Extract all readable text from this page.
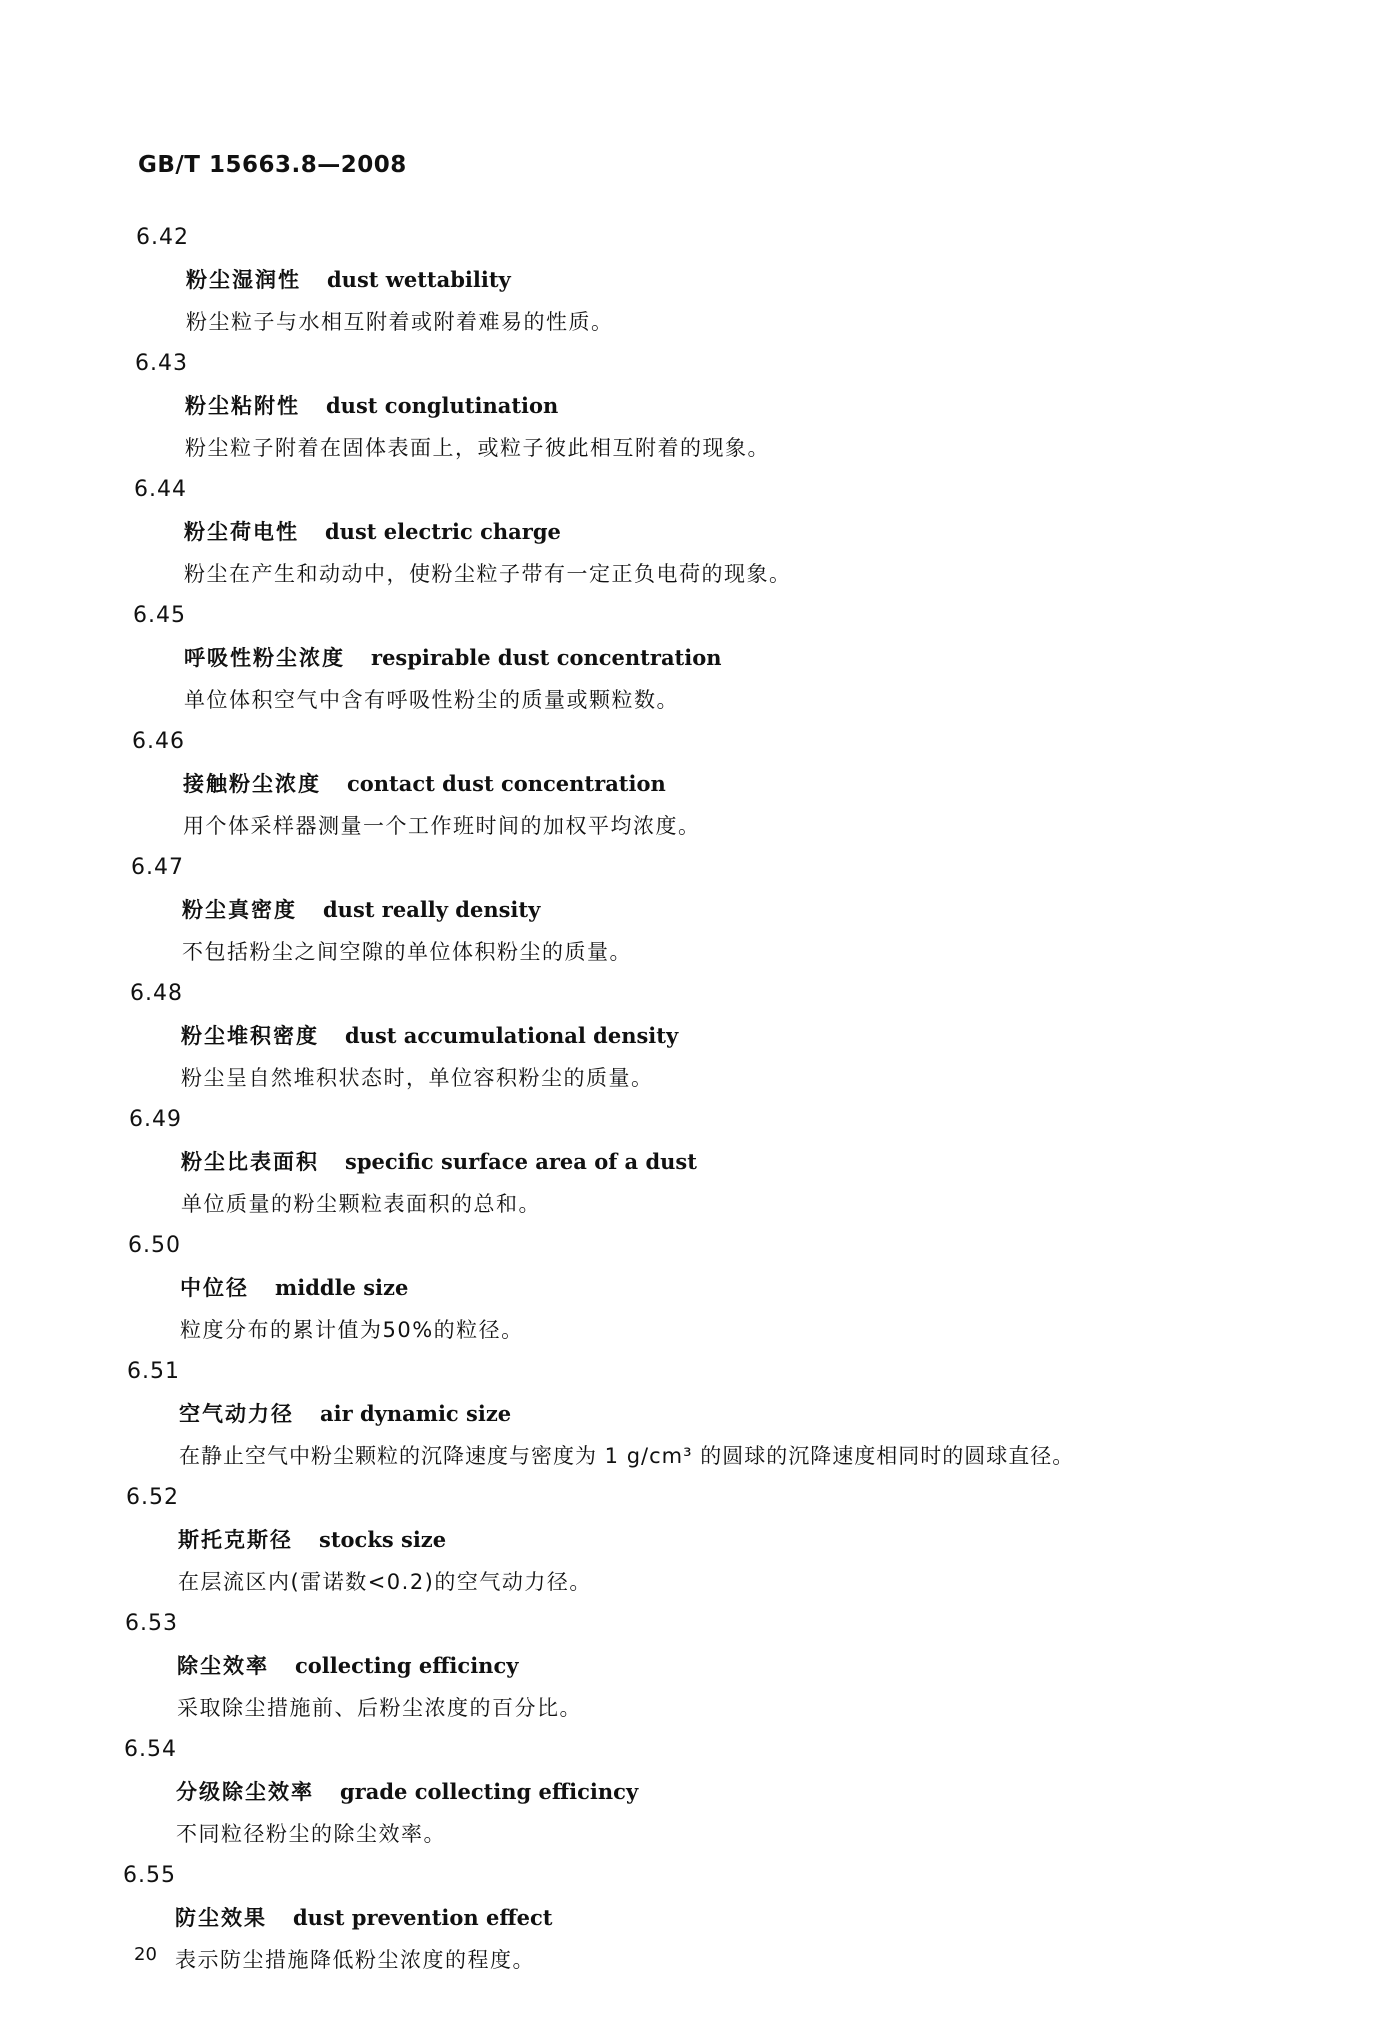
GB/T 15663.8—2008
6.42
粉尘湿润性 dust wettability
粉尘粒子与水相互附着或附着难易的性质。
6.43
粉尘粘附性 dust conglutination
粉尘粒子附着在固体表面上，或粒子彼此相互附着的现象。
6.44
粉尘荷电性 dust electric charge
粉尘在产生和动动中，使粉尘粒子带有一定正负电荷的现象。
6.45
呼吸性粉尘浓度 respirable dust concentration
单位体积空气中含有呼吸性粉尘的质量或颗粒数。
6.46
接触粉尘浓度 contact dust concentration
用个体采样器测量一个工作班时间的加权平均浓度。
6.47
粉尘真密度 dust really density
不包括粉尘之间空隙的单位体积粉尘的质量。
6.48
粉尘堆积密度 dust accumulational density
粉尘呈自然堆积状态时，单位容积粉尘的质量。
6.49
粉尘比表面积 specific surface area of a dust
单位质量的粉尘颗粒表面积的总和。
6.50
中位径 middle size
粒度分布的累计值为50%的粒径。
6.51
空气动力径 air dynamic size
在静止空气中粉尘颗粒的沉降速度与密度为 1 g/cm³ 的圆球的沉降速度相同时的圆球直径。
6.52
斯托克斯径 stocks size
在层流区内(雷诺数<0.2)的空气动力径。
6.53
除尘效率 collecting efficincy
采取除尘措施前、后粉尘浓度的百分比。
6.54
分级除尘效率 grade collecting efficincy
不同粒径粉尘的除尘效率。
6.55
防尘效果 dust prevention effect
表示防尘措施降低粉尘浓度的程度。
20
